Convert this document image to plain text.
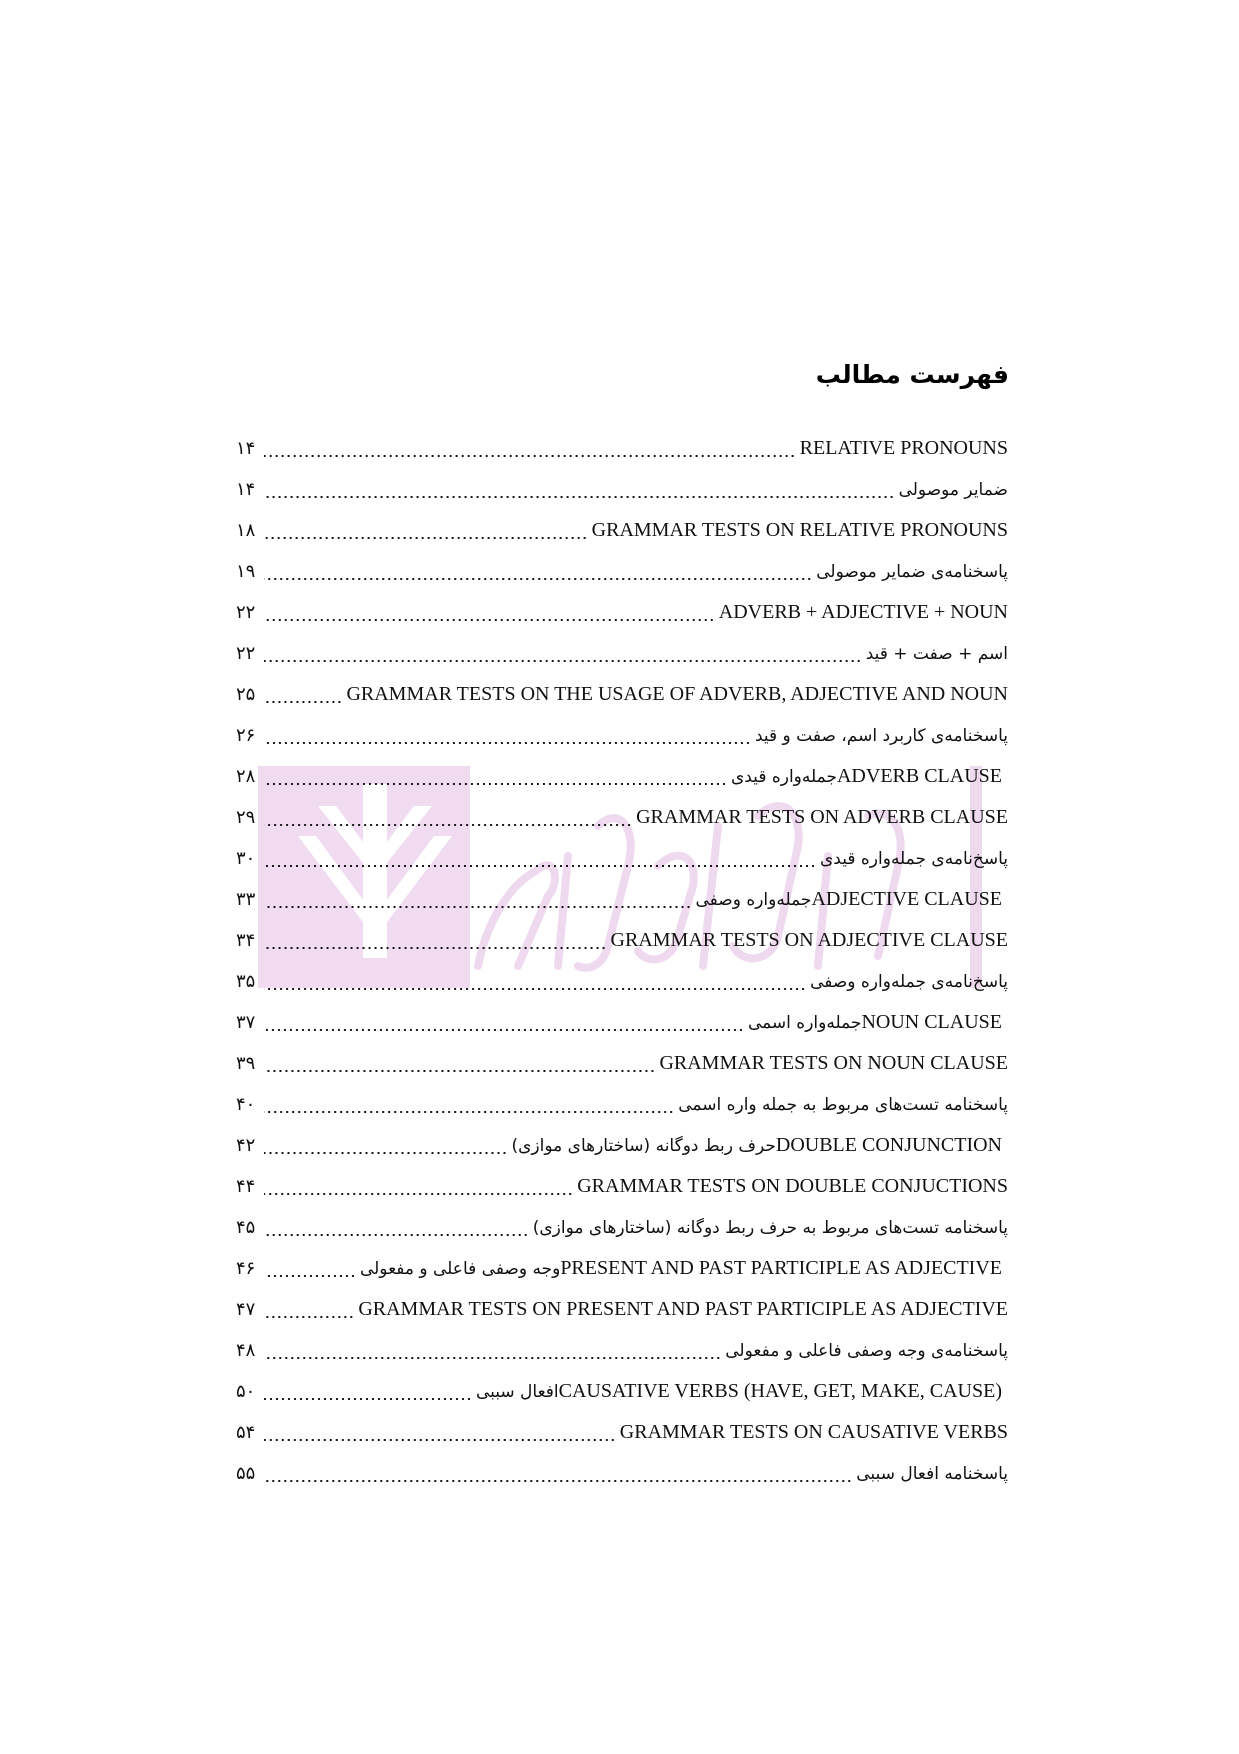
فهرست مطالب
RELATIVE PRONOUNS
۱۴
ضمایر موصولی
۱۴
GRAMMAR TESTS ON RELATIVE PRONOUNS
۱۸
پاسخنامه‌ی ضمایر موصولی
۱۹
ADVERB + ADJECTIVE + NOUN
۲۲
اسم + صفت + قید
۲۲
GRAMMAR TESTS ON THE USAGE OF ADVERB, ADJECTIVE AND NOUN
۲۵
پاسخنامه‌ی کاربرد اسم، صفت و قید
۲۶
ADVERB CLAUSEجمله‌واره قیدی
۲۸
GRAMMAR TESTS ON ADVERB CLAUSE
۲۹
پاسخ‌نامه‌ی جمله‌واره قیدی
۳۰
ADJECTIVE CLAUSEجمله‌واره وصفی
۳۳
GRAMMAR TESTS ON ADJECTIVE CLAUSE
۳۴
پاسخ‌نامه‌ی جمله‌واره وصفی
۳۵
NOUN CLAUSEجمله‌واره اسمی
۳۷
GRAMMAR TESTS ON NOUN CLAUSE
۳۹
پاسخنامه تست‌های مربوط به جمله واره اسمی
۴۰
DOUBLE CONJUNCTIONحرف ربط دوگانه (ساختارهای موازی)
۴۲
GRAMMAR TESTS ON DOUBLE CONJUCTIONS
۴۴
پاسخنامه تست‌های مربوط به حرف ربط دوگانه (ساختارهای موازی)
۴۵
PRESENT AND PAST PARTICIPLE AS ADJECTIVEوجه وصفی فاعلی و مفعولی
۴۶
GRAMMAR TESTS ON PRESENT AND PAST PARTICIPLE AS ADJECTIVE
۴۷
پاسخنامه‌ی وجه وصفی فاعلی و مفعولی
۴۸
CAUSATIVE VERBS (HAVE, GET, MAKE, CAUSE)افعال سببی
۵۰
GRAMMAR TESTS ON CAUSATIVE VERBS
۵۴
پاسخنامه افعال سببی
۵۵
